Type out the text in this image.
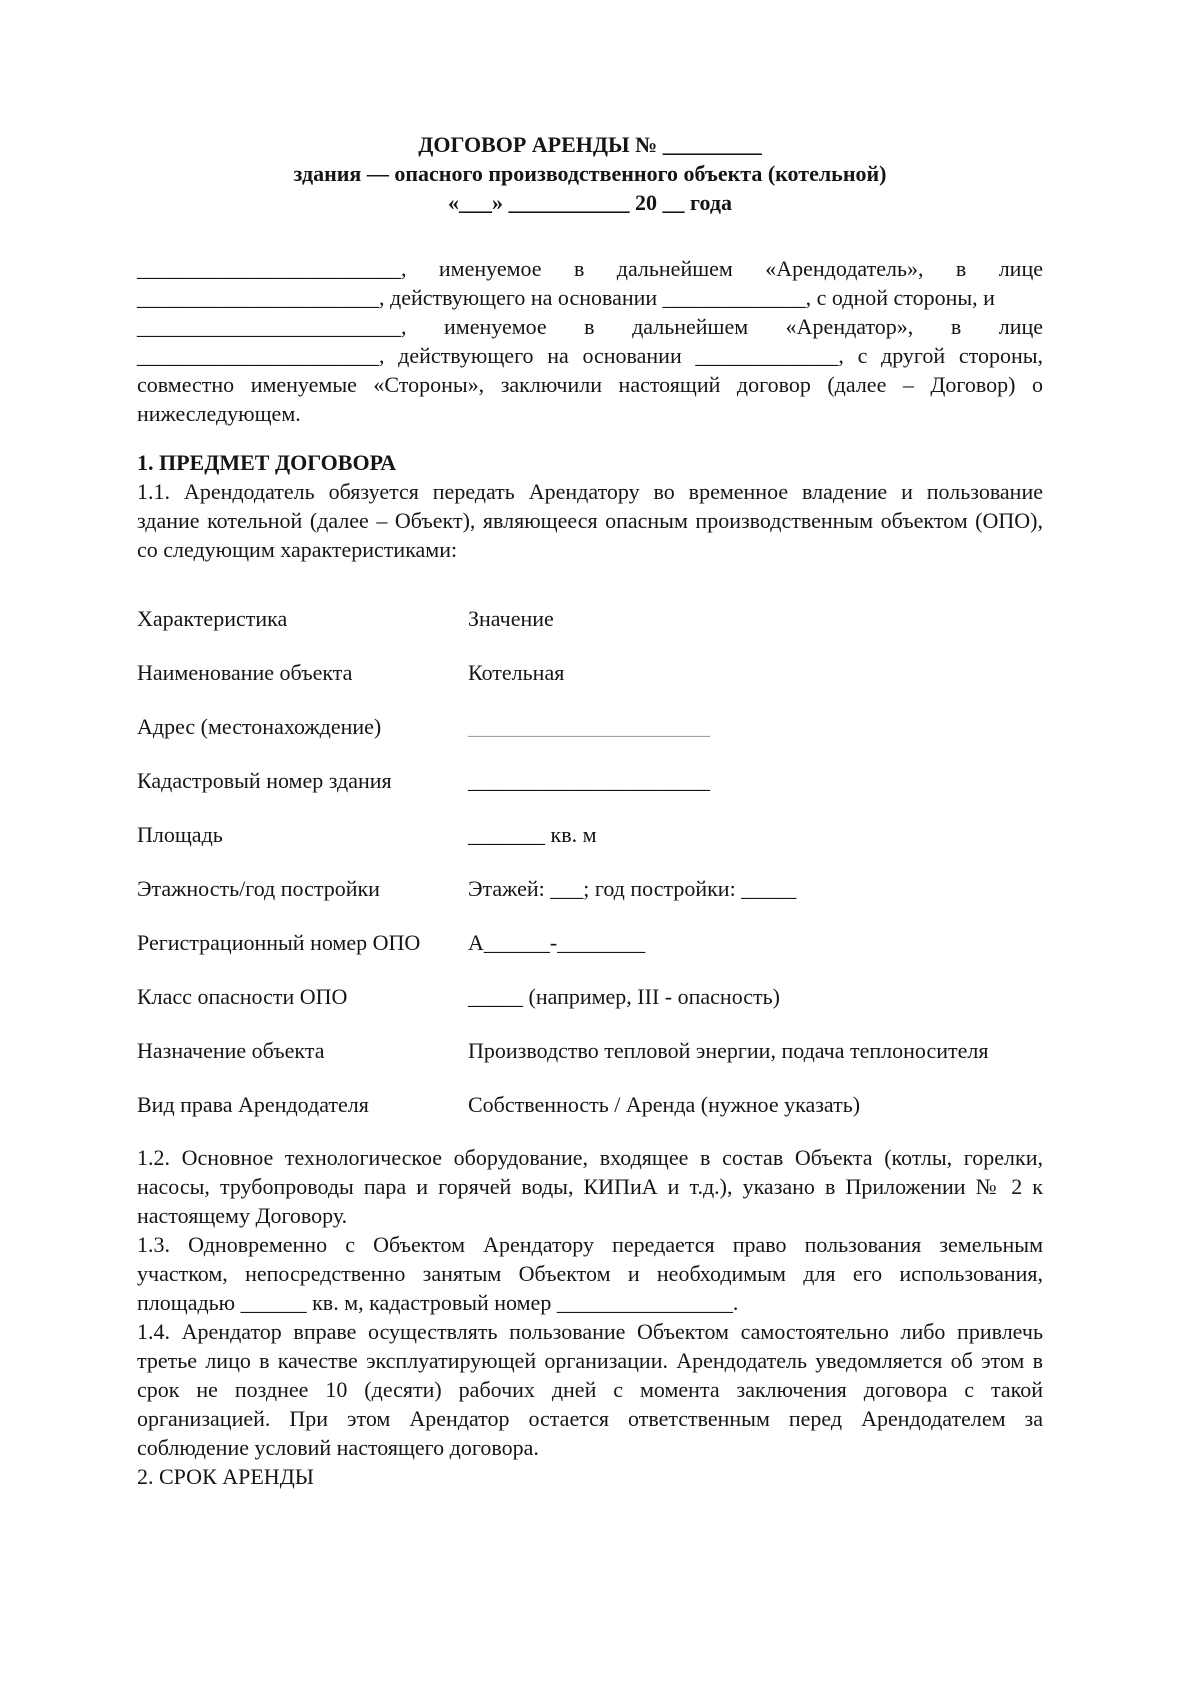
ДОГОВОР АРЕНДЫ № _________
здания — опасного производственного объекта (котельной)
«___» ___________ 20 __ года
________________________, именуемое в дальнейшем «Арендодатель», в лице
______________________, действующего на основании _____________, с одной стороны, и
________________________, именуемое в дальнейшем «Арендатор», в лице
______________________, действующего на основании _____________, с другой стороны,
совместно именуемые «Стороны», заключили настоящий договор (далее – Договор) о
нижеследующем.
1. ПРЕДМЕТ ДОГОВОРА
1.1. Арендодатель обязуется передать Арендатору во временное владение и пользование
здание котельной (далее – Объект), являющееся опасным производственным объектом (ОПО),
со следующим характеристиками:
Характеристика	Значение
Наименование объекта	Котельная
Адрес (местонахождение)	______________________
Кадастровый номер здания	______________________
Площадь	_______ кв. м
Этажность/год постройки	Этажей: ___; год постройки: _____
Регистрационный номер ОПО	А______-________
Класс опасности ОПО	_____ (например, III - опасность)
Назначение объекта	Производство тепловой энергии, подача теплоносителя
Вид права Арендодателя	Собственность / Аренда (нужное указать)
1.2. Основное технологическое оборудование, входящее в состав Объекта (котлы, горелки,
насосы, трубопроводы пара и горячей воды, КИПиА и т.д.), указано в Приложении № 2 к
настоящему Договору.
1.3. Одновременно с Объектом Арендатору передается право пользования земельным
участком, непосредственно занятым Объектом и необходимым для его использования,
площадью ______ кв. м, кадастровый номер ________________.
1.4. Арендатор вправе осуществлять пользование Объектом самостоятельно либо привлечь
третье лицо в качестве эксплуатирующей организации. Арендодатель уведомляется об этом в
срок не позднее 10 (десяти) рабочих дней с момента заключения договора с такой
организацией. При этом Арендатор остается ответственным перед Арендодателем за
соблюдение условий настоящего договора.
2. СРОК АРЕНДЫ
